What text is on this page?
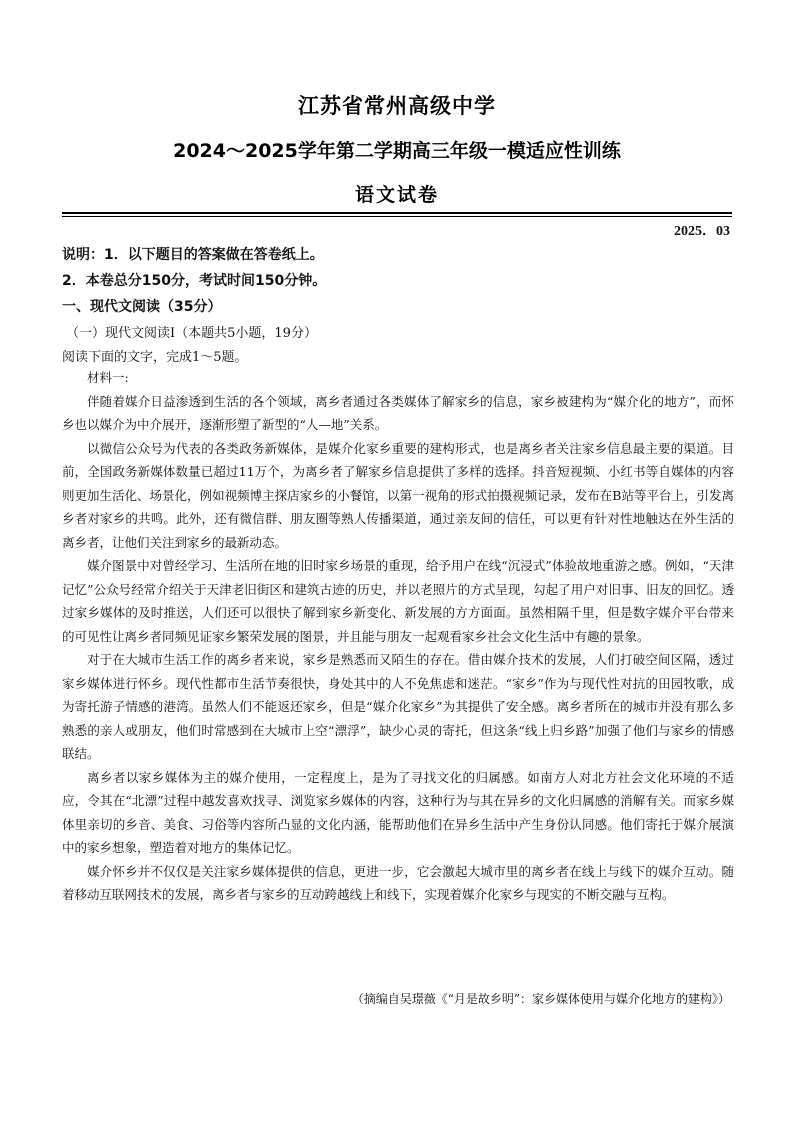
江苏省常州高级中学
2024～2025学年第二学期高三年级一模适应性训练
语文试卷
2025．03
说明：1．以下题目的答案做在答卷纸上。
2．本卷总分150分，考试时间150分钟。
一、现代文阅读（35分）
（一）现代文阅读Ⅰ（本题共5小题，19分）
阅读下面的文字，完成1～5题。

材料一:

伴随着媒介日益渗透到生活的各个领域，离乡者通过各类媒体了解家乡的信息，家乡被建构为“媒介化的地方”，而怀乡也以媒介为中介展开，逐渐形塑了新型的“人—地”关系。

以微信公众号为代表的各类政务新媒体，是媒介化家乡重要的建构形式，也是离乡者关注家乡信息最主要的渠道。目前，全国政务新媒体数量已超过11万个，为离乡者了解家乡信息提供了多样的选择。抖音短视频、小红书等自媒体的内容则更加生活化、场景化，例如视频博主探店家乡的小餐馆，以第一视角的形式拍摄视频记录，发布在B站等平台上，引发离乡者对家乡的共鸣。此外，还有微信群、朋友圈等熟人传播渠道，通过亲友间的信任，可以更有针对性地触达在外生活的离乡者，让他们关注到家乡的最新动态。

媒介图景中对曾经学习、生活所在地的旧时家乡场景的重现，给予用户在线“沉浸式”体验故地重游之感。例如，“天津记忆”公众号经常介绍关于天津老旧街区和建筑古迹的历史，并以老照片的方式呈现，勾起了用户对旧事、旧友的回忆。透过家乡媒体的及时推送，人们还可以很快了解到家乡新变化、新发展的方方面面。虽然相隔千里，但是数字媒介平台带来的可见性让离乡者同频见证家乡繁荣发展的图景，并且能与朋友一起观看家乡社会文化生活中有趣的景象。

对于在大城市生活工作的离乡者来说，家乡是熟悉而又陌生的存在。借由媒介技术的发展，人们打破空间区隔，透过家乡媒体进行怀乡。现代性都市生活节奏很快，身处其中的人不免焦虑和迷茫。“家乡”作为与现代性对抗的田园牧歌，成为寄托游子情感的港湾。虽然人们不能返还家乡，但是“媒介化家乡”为其提供了安全感。离乡者所在的城市并没有那么多熟悉的亲人或朋友，他们时常感到在大城市上空“漂浮”，缺少心灵的寄托，但这条“线上归乡路”加强了他们与家乡的情感联结。

离乡者以家乡媒体为主的媒介使用，一定程度上，是为了寻找文化的归属感。如南方人对北方社会文化环境的不适应，令其在“北漂”过程中越发喜欢找寻、浏览家乡媒体的内容，这种行为与其在异乡的文化归属感的消解有关。而家乡媒体里亲切的乡音、美食、习俗等内容所凸显的文化内涵，能帮助他们在异乡生活中产生身份认同感。他们寄托于媒介展演中的家乡想象，塑造着对地方的集体记忆。

媒介怀乡并不仅仅是关注家乡媒体提供的信息，更进一步，它会激起大城市里的离乡者在线上与线下的媒介互动。随着移动互联网技术的发展，离乡者与家乡的互动跨越线上和线下，实现着媒介化家乡与现实的不断交融与互构。

（摘编自吴璟薇《“月是故乡明”：家乡媒体使用与媒介化地方的建构》）
